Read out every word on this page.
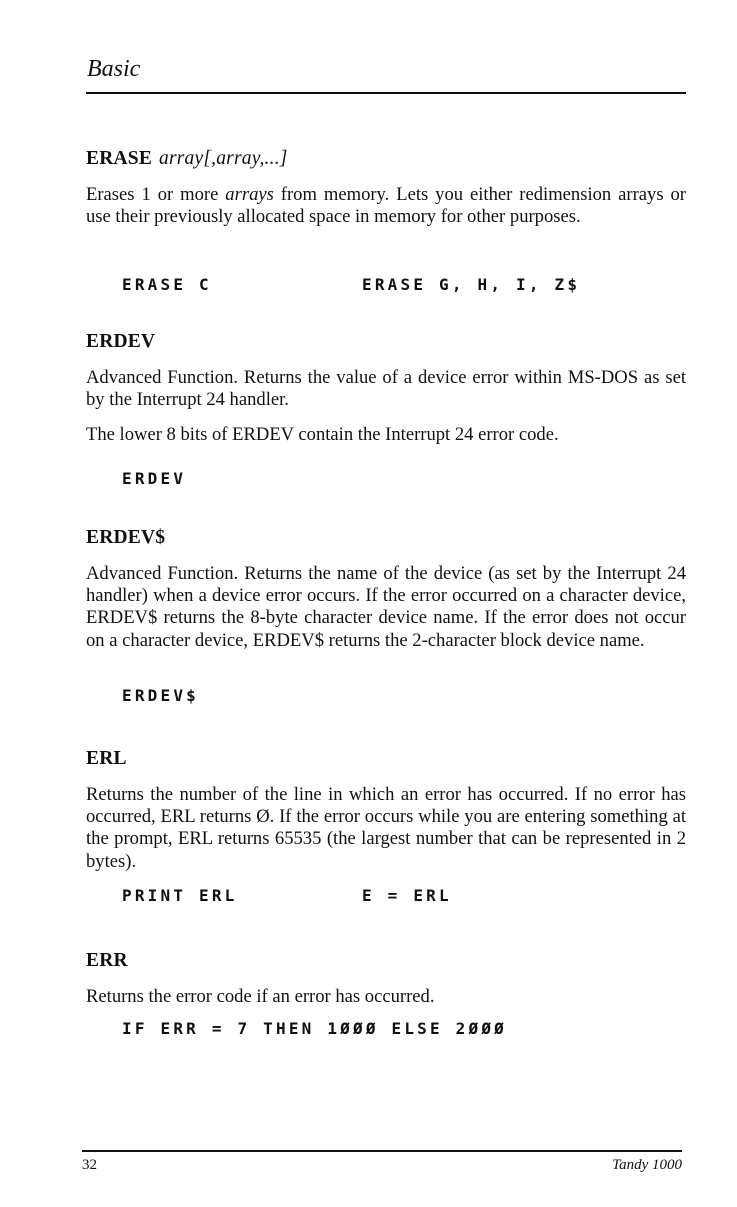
Basic
ERASE array[,array,...]
Erases 1 or more arrays from memory. Lets you either redimension arrays or use their previously allocated space in memory for other purposes.
ERASE C	ERASE G, H, I, Z$
ERDEV
Advanced Function. Returns the value of a device error within MS-DOS as set by the Interrupt 24 handler.
The lower 8 bits of ERDEV contain the Interrupt 24 error code.
ERDEV
ERDEV$
Advanced Function. Returns the name of the device (as set by the Interrupt 24 handler) when a device error occurs. If the error occurred on a character device, ERDEV$ returns the 8-byte character device name. If the error does not occur on a character device, ERDEV$ returns the 2-character block device name.
ERDEV$
ERL
Returns the number of the line in which an error has occurred. If no error has occurred, ERL returns Ø. If the error occurs while you are entering something at the prompt, ERL returns 65535 (the largest number that can be represented in 2 bytes).
PRINT ERL	E = ERL
ERR
Returns the error code if an error has occurred.
IF ERR = 7 THEN 1ØØØ ELSE 2ØØØ
32	Tandy 1000
